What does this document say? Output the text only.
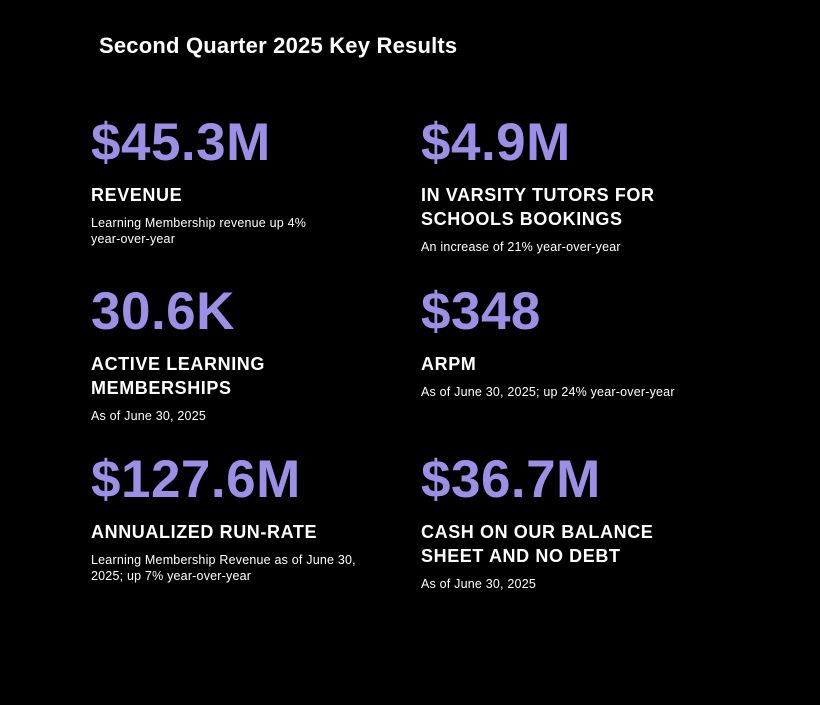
Second Quarter 2025 Key Results
$45.3M
REVENUE
Learning Membership revenue up 4% year-over-year
$4.9M
IN VARSITY TUTORS FOR SCHOOLS BOOKINGS
An increase of 21% year-over-year
30.6K
ACTIVE LEARNING MEMBERSHIPS
As of June 30, 2025
$348
ARPM
As of June 30, 2025; up 24% year-over-year
$127.6M
ANNUALIZED RUN-RATE
Learning Membership Revenue as of June 30, 2025; up 7% year-over-year
$36.7M
CASH ON OUR BALANCE SHEET AND NO DEBT
As of June 30, 2025
